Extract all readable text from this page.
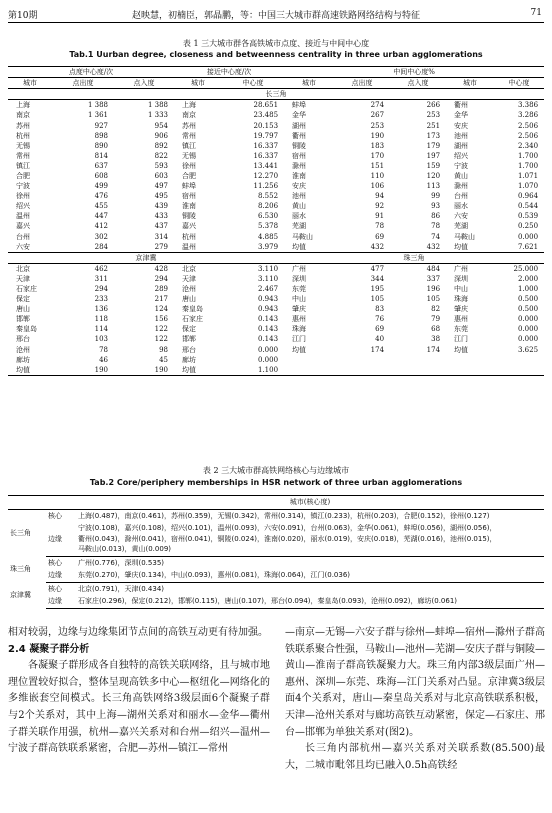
第10期	赵映慧，初楠臣，郭晶鹏，等：中国三大城市群高速铁路网络结构与特征	71
表 1 三大城市群各高铁城市点度、接近与中间中心度
Tab.1 Uurban degree, closeness and betweenness centrality in three urban agglomerations
点度中心度/次			接近中心度/次		中间中心度%				
城市	点出度	点入度	城市	中心度	城市	点出度	点入度	城市	中心度
长三角									
上海	1 388	1 388	上海	28.651	蚌埠	274	266	衢州	3.386
南京	1 361	1 333	南京	23.485	金华	267	253	金华	3.286
苏州	927	954	苏州	20.153	湖州	253	251	安庆	2.506
杭州	898	906	常州	19.797	衢州	190	173	池州	2.506
无锡	890	892	镇江	16.337	铜陵	183	179	湖州	2.340
常州	814	822	无锡	16.337	宿州	170	197	绍兴	1.700
镇江	637	593	徐州	13.441	滁州	151	159	宁波	1.700
合肥	608	603	合肥	12.270	淮南	110	120	黄山	1.071
宁波	499	497	蚌埠	11.256	安庆	106	113	滁州	1.070
徐州	476	495	宿州	8.552	池州	94	99	台州	0.964
绍兴	455	439	淮南	8.206	黄山	92	93	丽水	0.544
温州	447	433	铜陵	6.530	丽水	91	86	六安	0.539
嘉兴	412	437	嘉兴	5.378	芜湖	78	78	芜湖	0.250
台州	302	314	杭州	4.885	马鞍山	69	74	马鞍山	0.000
六安	284	279	温州	3.979	均值	432	432	均值	7.621
京津冀					珠三角				
北京	462	428	北京	3.110	广州	477	484	广州	25.000
天津	311	294	天津	3.110	深圳	344	337	深圳	2.000
石家庄	294	289	沧州	2.467	东莞	195	196	中山	1.000
保定	233	217	唐山	0.943	中山	105	105	珠海	0.500
唐山	136	124	秦皇岛	0.943	肇庆	83	82	肇庆	0.500
邯郸	118	156	石家庄	0.143	惠州	76	79	惠州	0.000
秦皇岛	114	122	保定	0.143	珠海	69	68	东莞	0.000
邢台	103	122	邯郸	0.143	江门	40	38	江门	0.000
沧州	78	98	邢台	0.000	均值	174	174	均值	3.625
廊坊	46	45	廊坊	0.000					
均值	190	190	均值	1.100					
表 2 三大城市群高铁网络核心与边缘城市
Tab.2 Core/periphery memberships in HSR network of three urban agglomerations
		城市(核心度)
长三角	核心	上海(0.487)，南京(0.461)，苏州(0.359)，无锡(0.342)，常州(0.314)，镇江(0.233)，杭州(0.203)，合肥(0.152)，徐州(0.127)

	边缘	宁波(0.108)，嘉兴(0.108)，绍兴(0.101)，温州(0.093)，六安(0.091)，台州(0.063)，金华(0.061)，蚌埠(0.056)，湖州(0.056)，
衢州(0.043)，滁州(0.041)，宿州(0.041)，铜陵(0.024)，淮南(0.020)，丽水(0.019)，安庆(0.018)，芜湖(0.016)，池州(0.015)，
马鞍山(0.013)，黄山(0.009)

珠三角	核心	广州(0.776)，深圳(0.535)

	边缘	东莞(0.270)，肇庆(0.134)，中山(0.093)，惠州(0.081)，珠海(0.064)，江门(0.036)

京津冀	核心	北京(0.791)，天津(0.434)

	边缘	石家庄(0.296)，保定(0.212)，邯郸(0.115)，唐山(0.107)，邢台(0.094)，秦皇岛(0.093)，沧州(0.092)，廊坊(0.061)

相对较弱，边缘与边缘集团节点间的高铁互动更有待加强。

2.4 凝聚子群分析

各凝聚子群形成各自独特的高铁关联网络，且与城市地理位置较好拟合，整体呈现高铁多中心—枢纽化—网络化的多维嵌套空间模式。长三角高铁网络3级层面6个凝聚子群与2个关系对，其中上海—湖州关系对和丽水—金华—衢州子群关联作用强，杭州—嘉兴关系对和台州—绍兴—温州—宁波子群高铁联系紧密，合肥—苏州—镇江—常州

—南京—无锡—六安子群与徐州—蚌埠—宿州—滁州子群高铁联系聚合性强，马鞍山—池州—芜湖—安庆子群与铜陵—黄山—淮南子群高铁凝聚力大。珠三角内部3级层面广州—惠州、深圳—东莞、珠海—江门关系对凸显。京津冀3级层面4个关系对，唐山—秦皇岛关系对与北京高铁联系积极，天津—沧州关系对与廊坊高铁互动紧密，保定—石家庄、邢台—邯郸为单独关系对(图2)。

长三角内部杭州—嘉兴关系对关联系数(85.500)最大，二城市毗邻且均已融入0.5h高铁经
